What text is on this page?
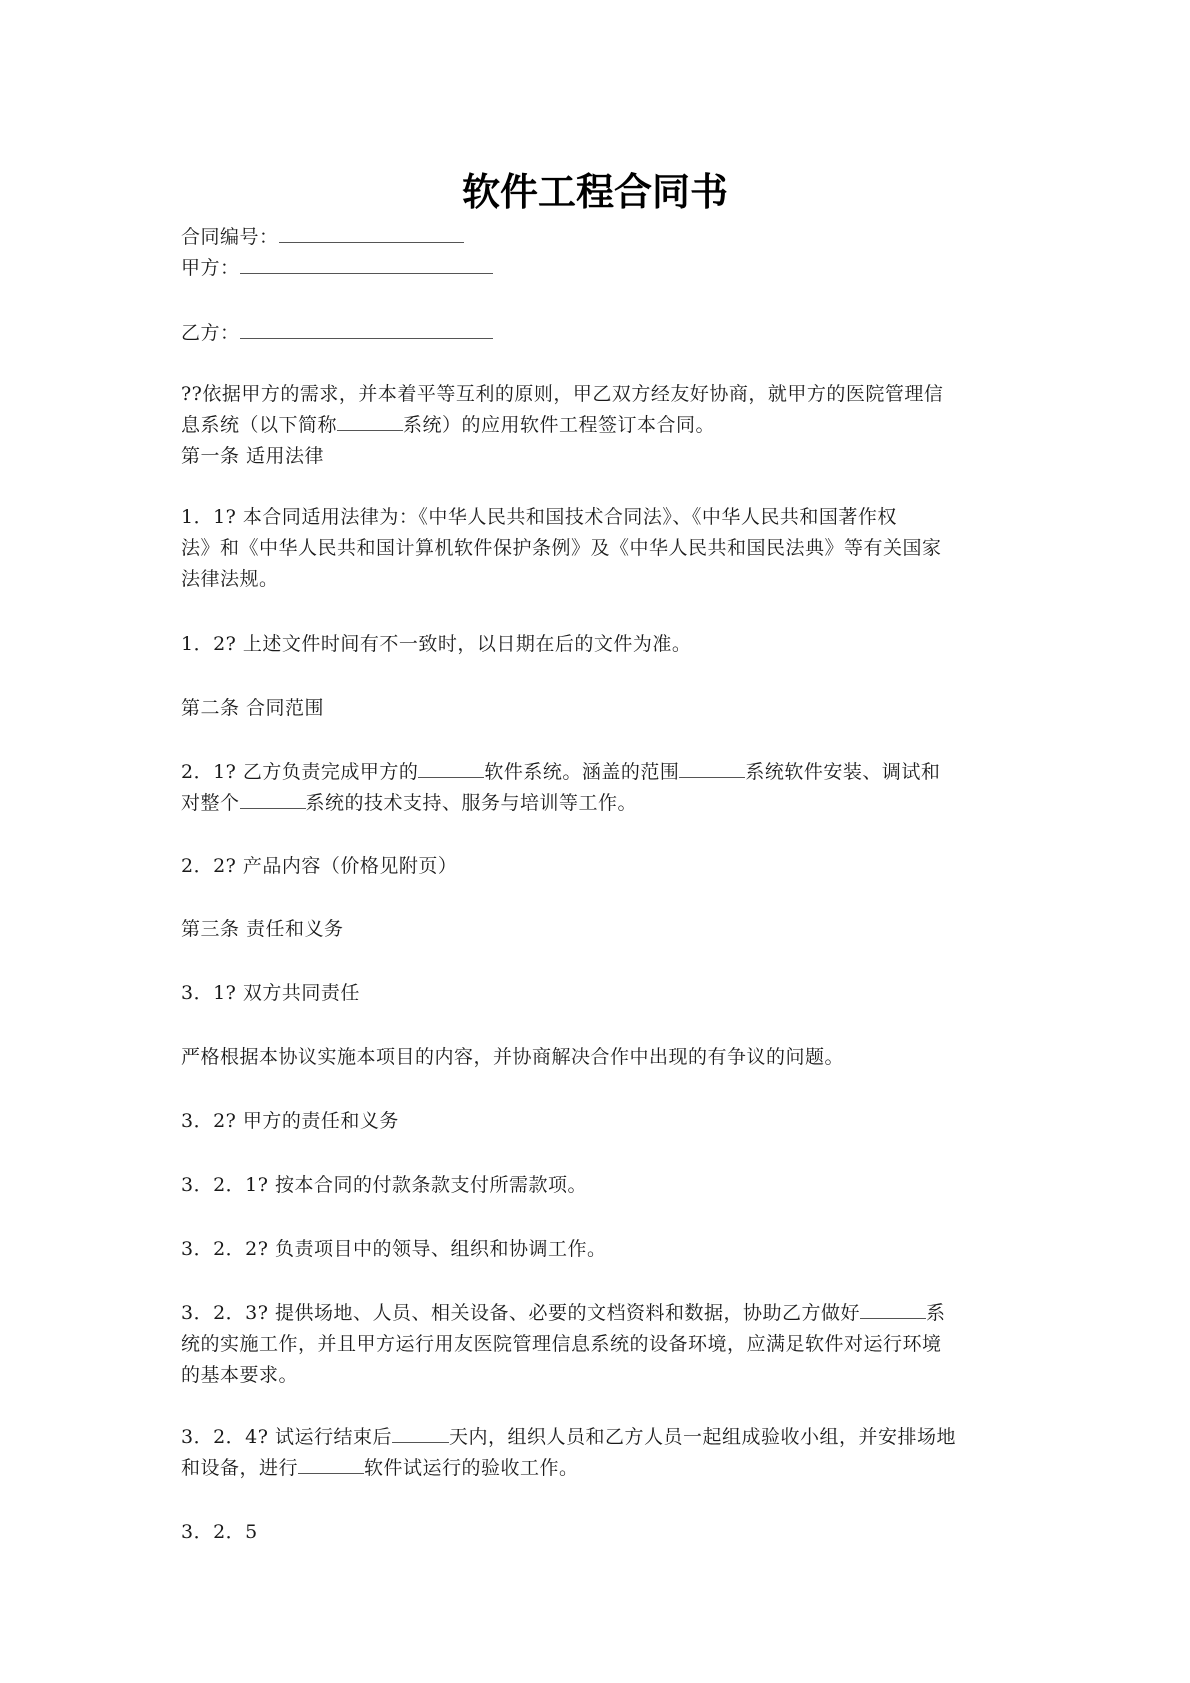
软件工程合同书
合同编号：
甲方：
乙方：
??依据甲方的需求，并本着平等互利的原则，甲乙双方经友好协商，就甲方的医院管理信
息系统（以下简称	系统）的应用软件工程签订本合同。
第一条 适用法律
1．1? 本合同适用法律为：《中华人民共和国技术合同法》、《中华人民共和国著作权
法》和《中华人民共和国计算机软件保护条例》及《中华人民共和国民法典》等有关国家
法律法规。
1．2? 上述文件时间有不一致时，以日期在后的文件为准。
第二条 合同范围
2．1? 乙方负责完成甲方的	软件系统。涵盖的范围	系统软件安装、调试和
对整个	系统的技术支持、服务与培训等工作。
2．2? 产品内容（价格见附页）
第三条 责任和义务
3．1? 双方共同责任
严格根据本协议实施本项目的内容，并协商解决合作中出现的有争议的问题。
3．2? 甲方的责任和义务
3．2．1? 按本合同的付款条款支付所需款项。
3．2．2? 负责项目中的领导、组织和协调工作。
3．2．3? 提供场地、人员、相关设备、必要的文档资料和数据，协助乙方做好	系
统的实施工作，并且甲方运行用友医院管理信息系统的设备环境，应满足软件对运行环境
的基本要求。
3．2．4? 试运行结束后	天内，组织人员和乙方人员一起组成验收小组，并安排场地
和设备，进行	软件试运行的验收工作。
3．2．5
